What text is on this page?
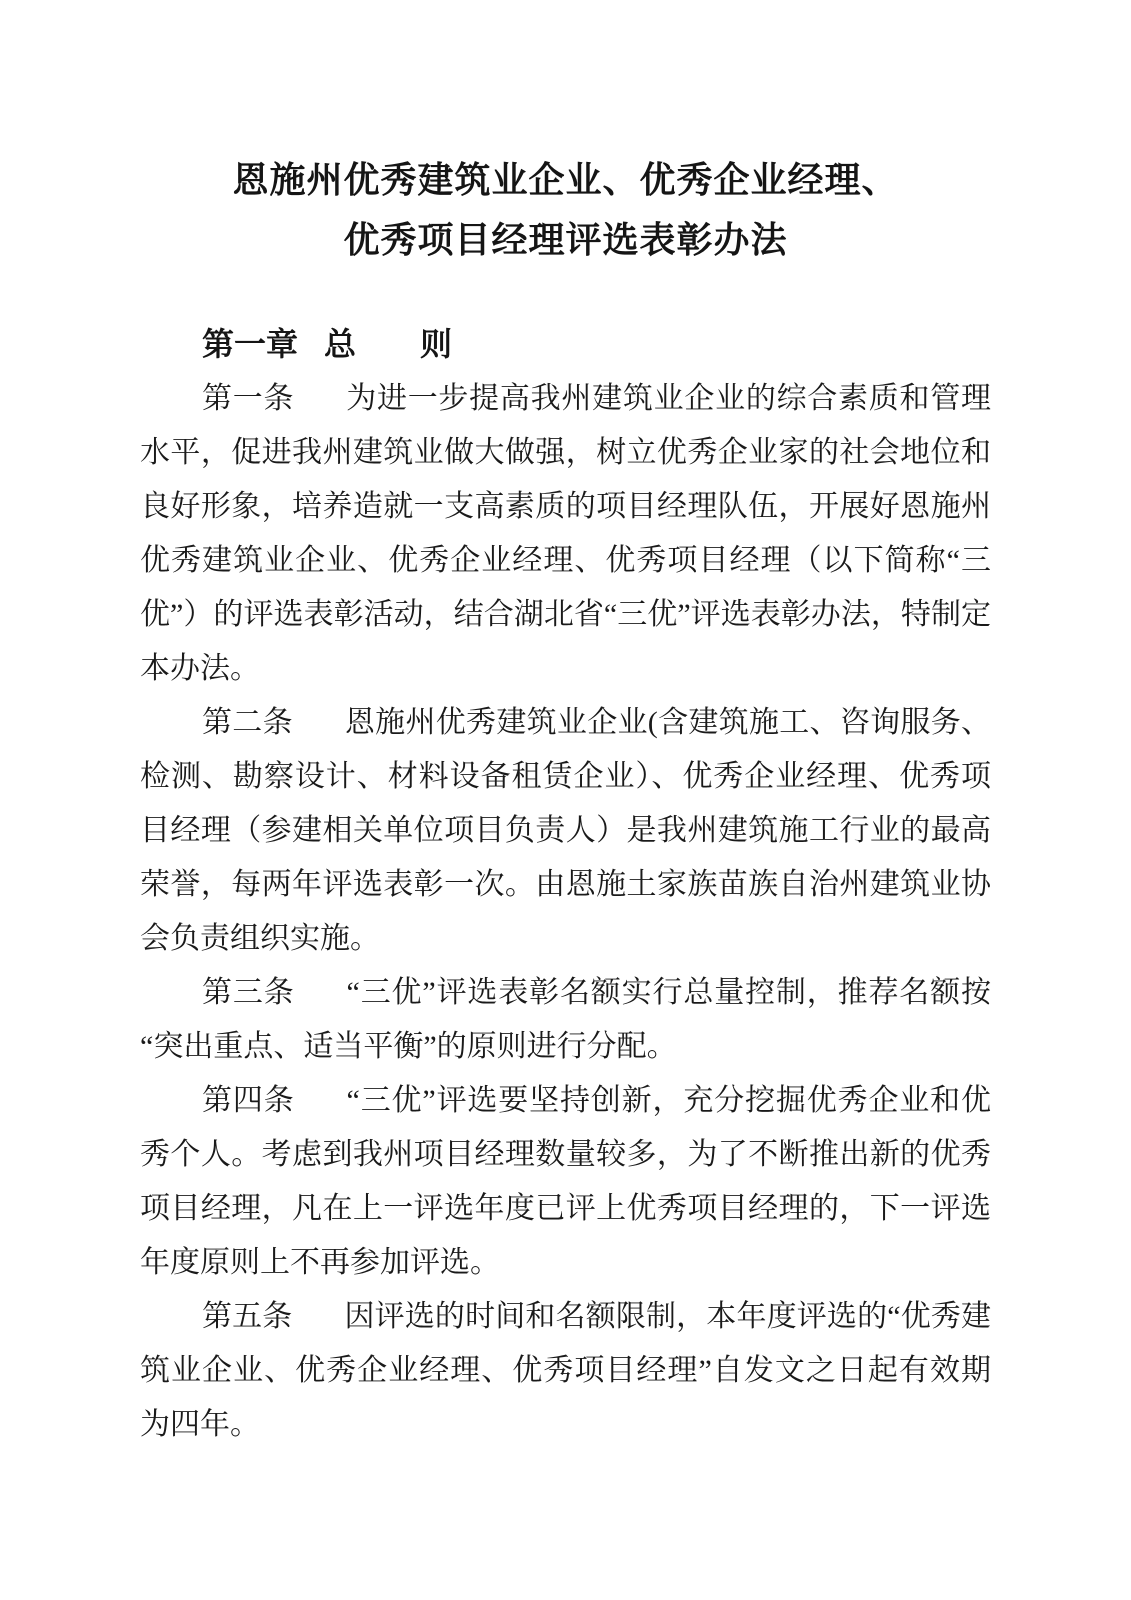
恩施州优秀建筑业企业、优秀企业经理、
优秀项目经理评选表彰办法
第一章 总　　则

第一条 为进一步提高我州建筑业企业的综合素质和管理水平，促进我州建筑业做大做强，树立优秀企业家的社会地位和良好形象，培养造就一支高素质的项目经理队伍，开展好恩施州优秀建筑业企业、优秀企业经理、优秀项目经理（以下简称“三优”）的评选表彰活动，结合湖北省“三优”评选表彰办法，特制定本办法。

第二条 恩施州优秀建筑业企业(含建筑施工、咨询服务、检测、勘察设计、材料设备租赁企业）、优秀企业经理、优秀项目经理（参建相关单位项目负责人）是我州建筑施工行业的最高荣誉，每两年评选表彰一次。由恩施土家族苗族自治州建筑业协会负责组织实施。

第三条 “三优”评选表彰名额实行总量控制，推荐名额按“突出重点、适当平衡”的原则进行分配。

第四条 “三优”评选要坚持创新，充分挖掘优秀企业和优秀个人。考虑到我州项目经理数量较多，为了不断推出新的优秀项目经理，凡在上一评选年度已评上优秀项目经理的，下一评选年度原则上不再参加评选。

第五条 因评选的时间和名额限制，本年度评选的“优秀建筑业企业、优秀企业经理、优秀项目经理”自发文之日起有效期为四年。
